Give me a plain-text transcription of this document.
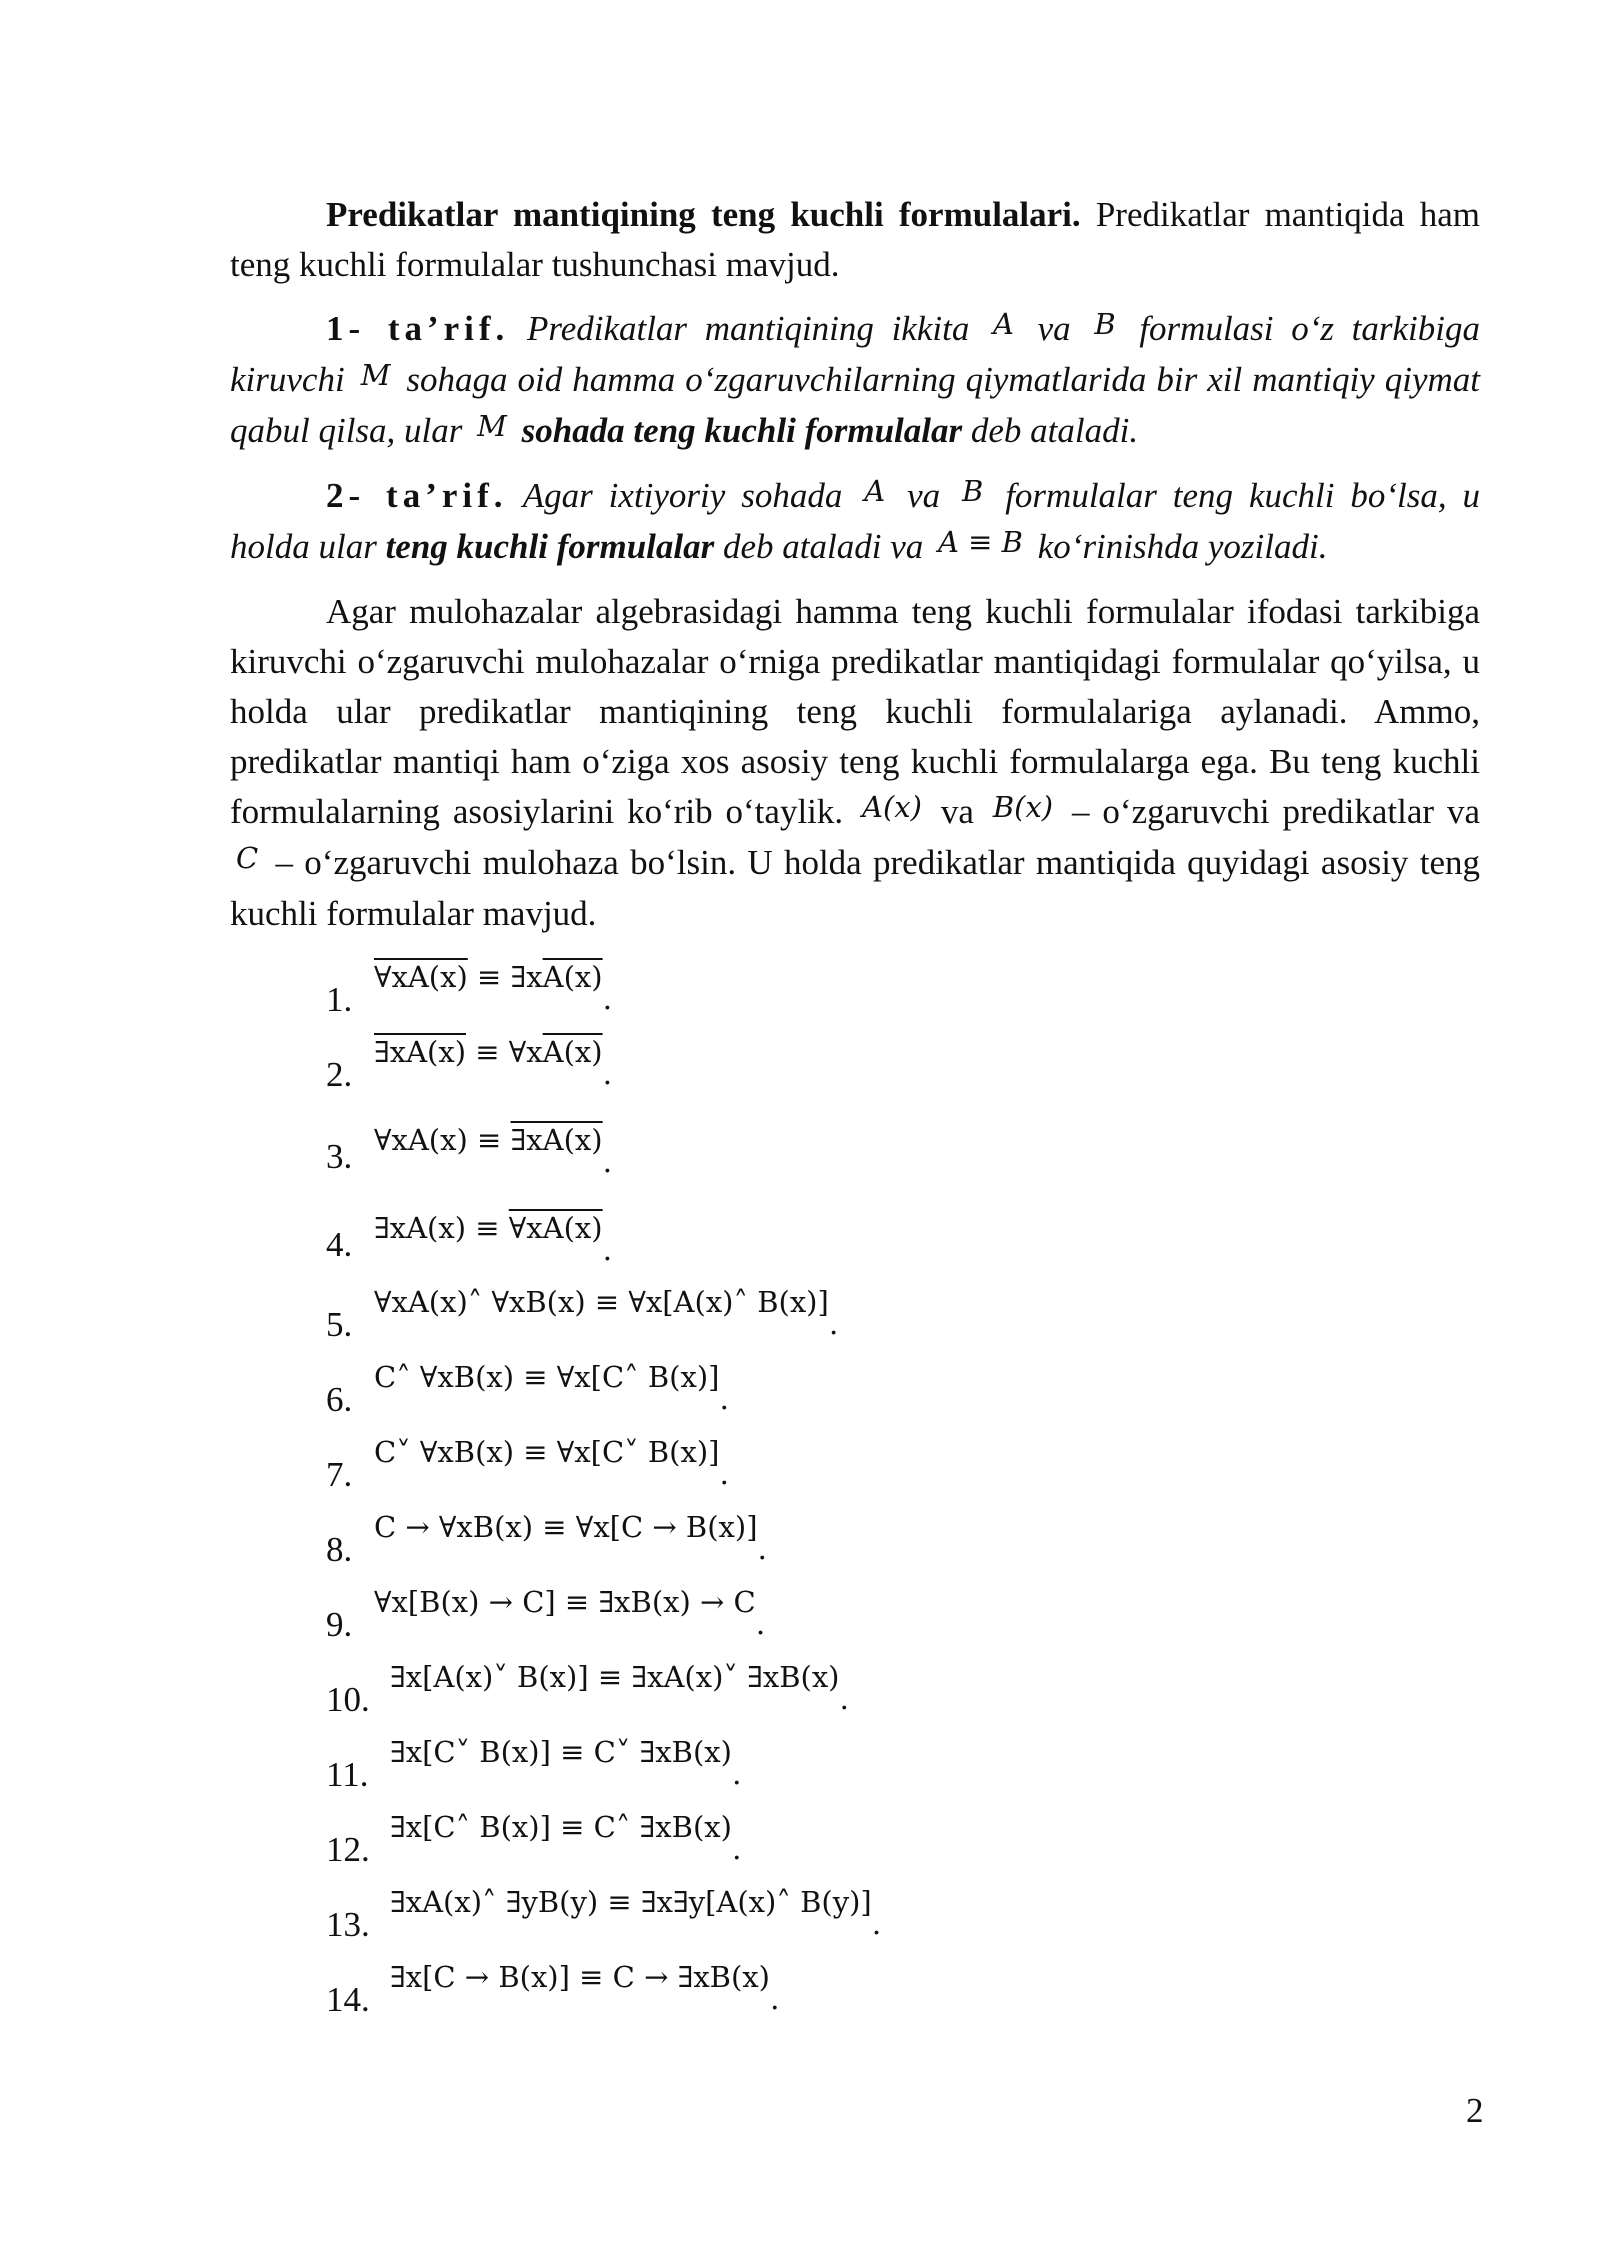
Predikatlar mantiqining teng kuchli formulalari. Predikatlar mantiqida ham teng kuchli formulalar tushunchasi mavjud.

1- ta’rif. Predikatlar mantiqining ikkita A va B formulasi o‘z tarkibiga kiruvchi M sohaga oid hamma o‘zgaruvchilarning qiymatlarida bir xil mantiqiy qiymat qabul qilsa, ular M sohada teng kuchli formulalar deb ataladi.

2- ta’rif. Agar ixtiyoriy sohada A va B formulalar teng kuchli bo‘lsa, u holda ular teng kuchli formulalar deb ataladi va A ≡ B ko‘rinishda yoziladi.

Agar mulohazalar algebrasidagi hamma teng kuchli formulalar ifodasi tarkibiga kiruvchi o‘zgaruvchi mulohazalar o‘rniga predikatlar mantiqidagi formulalar qo‘yilsa, u holda ular predikatlar mantiqining teng kuchli formulalariga aylanadi. Ammo, predikatlar mantiqi ham o‘ziga xos asosiy teng kuchli formulalarga ega. Bu teng kuchli formulalarning asosiylarini ko‘rib o‘taylik. A(x) va B(x) – o‘zgaruvchi predikatlar va C – o‘zgaruvchi mulohaza bo‘lsin. U holda predikatlar mantiqida quyidagi asosiy teng kuchli formulalar mavjud.

1.
∀xA(x) ≡ ∃xA(x).
2.
∃xA(x) ≡ ∀xA(x).
3. ∀xA(x) ≡ ∃xA(x).
4. ∃xA(x) ≡ ∀xA(x).
5.
∀xA(x)˄ ∀xB(x) ≡ ∀x[A(x)˄ B(x)].
6.
C˄ ∀xB(x) ≡ ∀x[C˄ B(x)].
7.
C˅ ∀xB(x) ≡ ∀x[C˅ B(x)].
8.
C → ∀xB(x) ≡ ∀x[C → B(x)].
9.
∀x[B(x) → C] ≡ ∃xB(x) → C.
10.
∃x[A(x)˅ B(x)] ≡ ∃xA(x)˅ ∃xB(x).
11.
∃x[C˅ B(x)] ≡ C˅ ∃xB(x).
12.
∃x[C˄ B(x)] ≡ C˄ ∃xB(x).
13.
∃xA(x)˄ ∃yB(y) ≡ ∃x∃y[A(x)˄ B(y)].
14.
∃x[C → B(x)] ≡ C → ∃xB(x).
2
